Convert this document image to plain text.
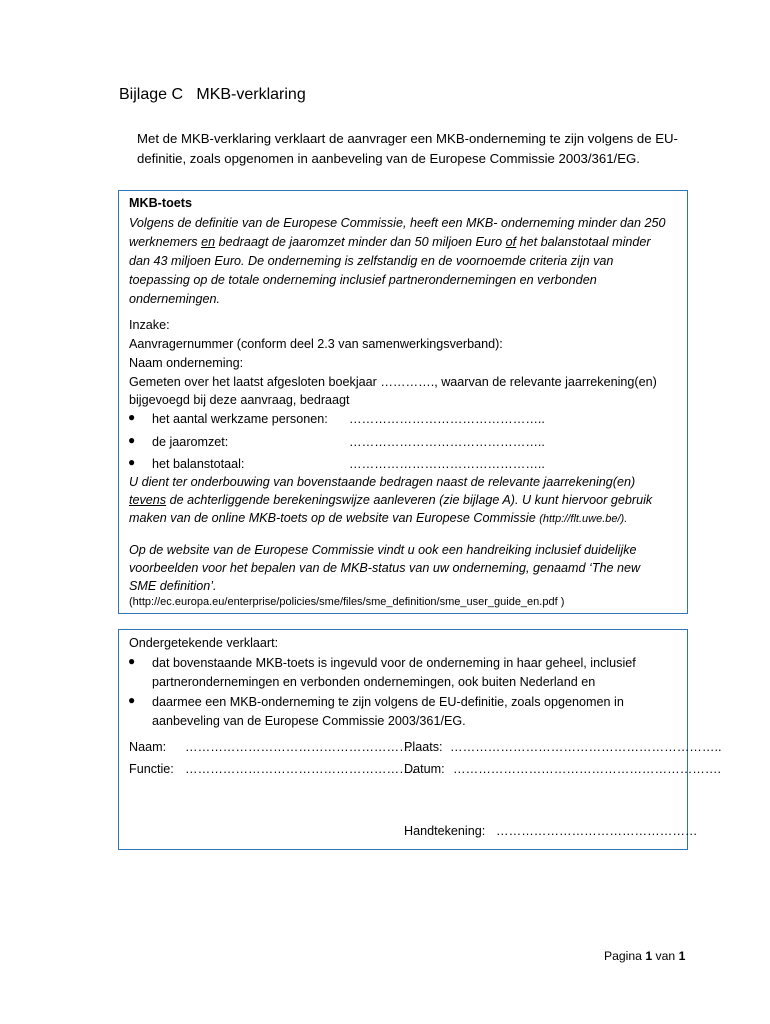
Bijlage C   MKB-verklaring
Met de MKB-verklaring verklaart de aanvrager een MKB-onderneming te zijn volgens de EU-definitie, zoals opgenomen in aanbeveling van de Europese Commissie 2003/361/EG.
MKB-toets
Volgens de definitie van de Europese Commissie, heeft een MKB- onderneming minder dan 250
werknemers en bedraagt de jaaromzet minder dan 50 miljoen Euro of het balanstotaal minder
dan 43 miljoen Euro. De onderneming is zelfstandig en de voornoemde criteria zijn van
toepassing op de totale onderneming inclusief partnerondernemingen en verbonden
ondernemingen.
Inzake:
Aanvragernummer (conform deel 2.3 van samenwerkingsverband):
Naam onderneming:
Gemeten over het laatst afgesloten boekjaar …………., waarvan de relevante jaarrekening(en)
bijgevoegd bij deze aanvraag, bedraagt
● het aantal werkzame personen: ………………………………………..
● de jaaromzet:	………………………………………..
● het balanstotaal:	………………………………………..
U dient ter onderbouwing van bovenstaande bedragen naast de relevante jaarrekening(en)
tevens de achterliggende berekeningswijze aanleveren (zie bijlage A). U kunt hiervoor gebruik
maken van de online MKB-toets op de website van Europese Commissie (http://flt.uwe.be/).
Op de website van de Europese Commissie vindt u ook een handreiking inclusief duidelijke
voorbeelden voor het bepalen van de MKB-status van uw onderneming, genaamd ‘The new
SME definition’.
(http://ec.europa.eu/enterprise/policies/sme/files/sme_definition/sme_user_guide_en.pdf )
Ondergetekende verklaart:
● dat bovenstaande MKB-toets is ingevuld voor de onderneming in haar geheel, inclusief
partnerondernemingen en verbonden ondernemingen, ook buiten Nederland en
● daarmee een MKB-onderneming te zijn volgens de EU-definitie, zoals opgenomen in
aanbeveling van de Europese Commissie 2003/361/EG.
Naam: ……………………………………………….
Plaats: ………………………………………………………..
Functie: ……………………………………………….
Datum: ……………………………………………………….
Handtekening: …………………………………………
Pagina 1 van 1
